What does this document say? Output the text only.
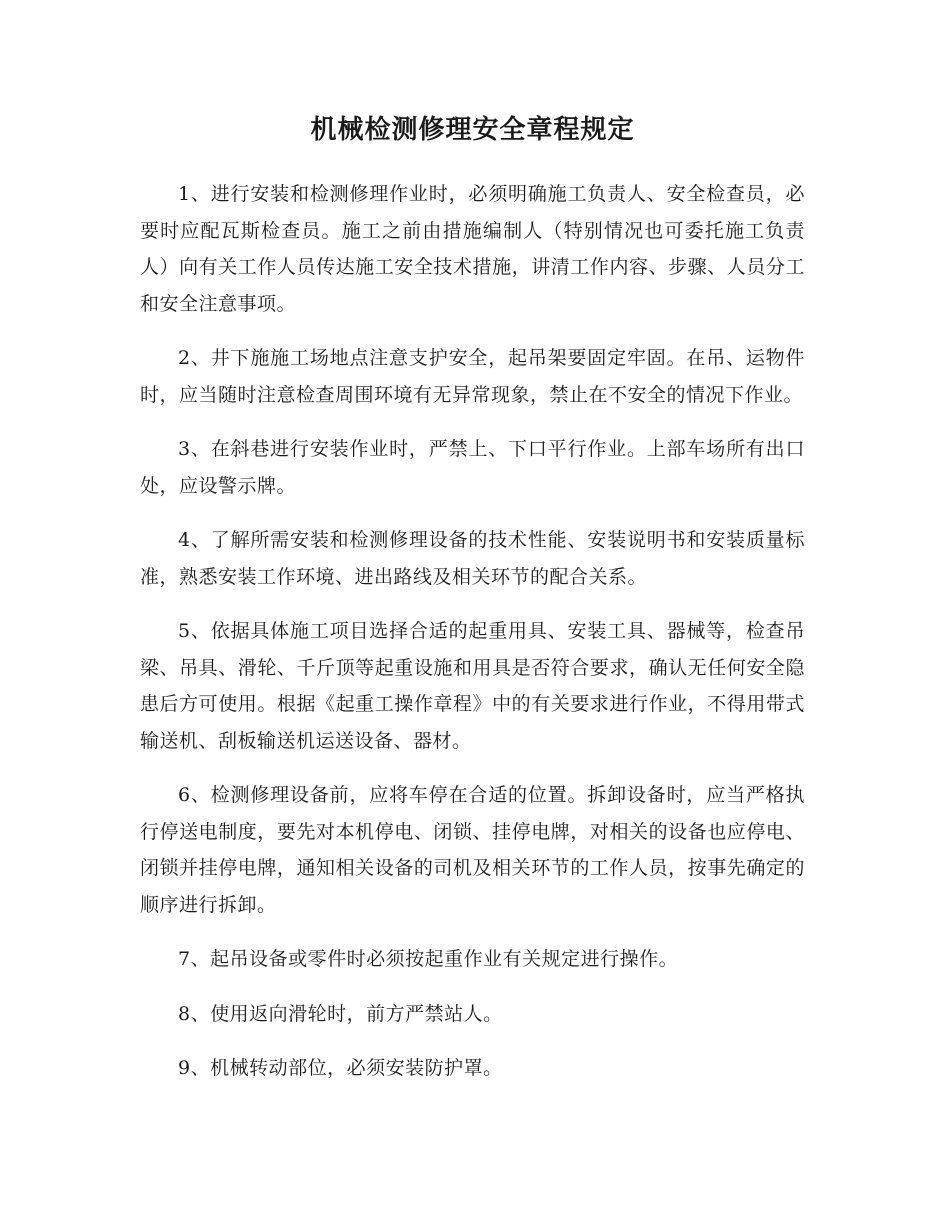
机械检测修理安全章程规定

1、进行安装和检测修理作业时，必须明确施工负责人、安全检查员，必要时应配瓦斯检查员。施工之前由措施编制人（特别情况也可委托施工负责人）向有关工作人员传达施工安全技术措施，讲清工作内容、步骤、人员分工和安全注意事项。

2、井下施施工场地点注意支护安全，起吊架要固定牢固。在吊、运物件时，应当随时注意检查周围环境有无异常现象，禁止在不安全的情况下作业。

3、在斜巷进行安装作业时，严禁上、下口平行作业。上部车场所有出口处，应设警示牌。

4、了解所需安装和检测修理设备的技术性能、安装说明书和安装质量标准，熟悉安装工作环境、进出路线及相关环节的配合关系。

5、依据具体施工项目选择合适的起重用具、安装工具、器械等，检查吊梁、吊具、滑轮、千斤顶等起重设施和用具是否符合要求，确认无任何安全隐患后方可使用。根据《起重工操作章程》中的有关要求进行作业，不得用带式输送机、刮板输送机运送设备、器材。

6、检测修理设备前，应将车停在合适的位置。拆卸设备时，应当严格执行停送电制度，要先对本机停电、闭锁、挂停电牌，对相关的设备也应停电、闭锁并挂停电牌，通知相关设备的司机及相关环节的工作人员，按事先确定的顺序进行拆卸。

7、起吊设备或零件时必须按起重作业有关规定进行操作。

8、使用返向滑轮时，前方严禁站人。

9、机械转动部位，必须安装防护罩。
